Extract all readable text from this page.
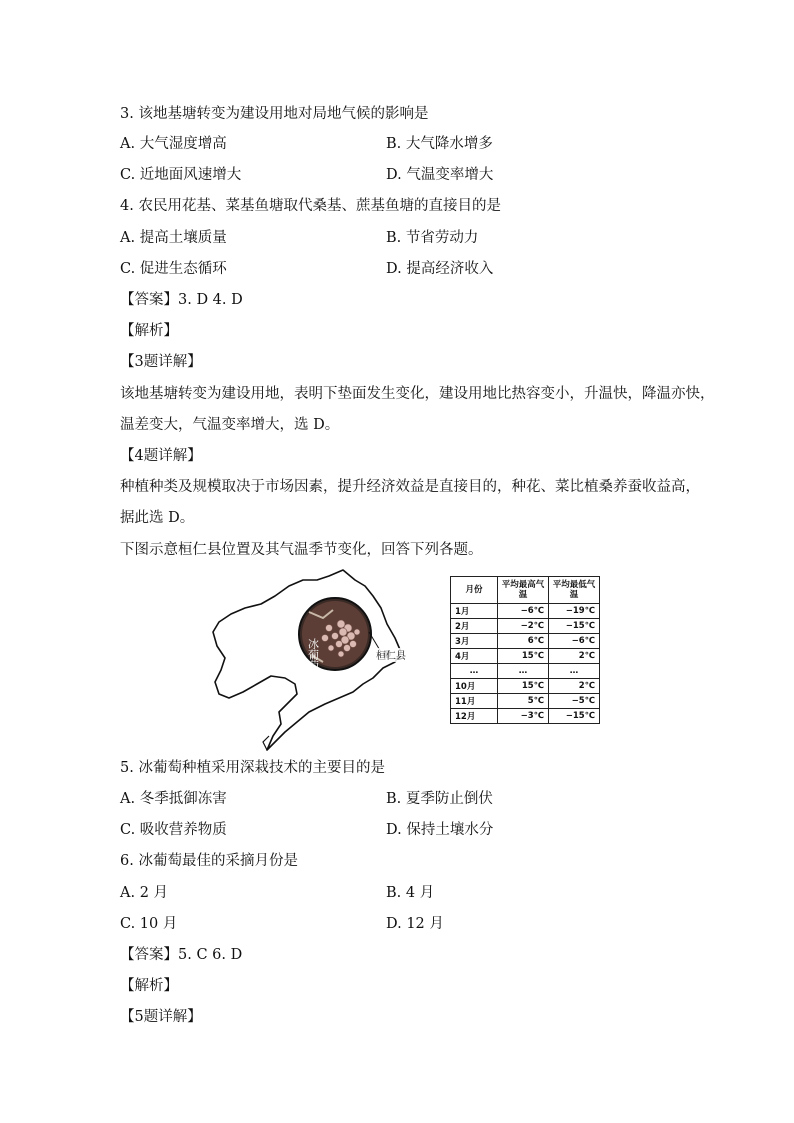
3. 该地基塘转变为建设用地对局地气候的影响是
A. 大气湿度增高	B. 大气降水增多
C. 近地面风速增大	D. 气温变率增大
4. 农民用花基、菜基鱼塘取代桑基、蔗基鱼塘的直接目的是
A. 提高土壤质量	B. 节省劳动力
C. 促进生态循环	D. 提高经济收入
【答案】3. D 4. D
【解析】
【3题详解】
该地基塘转变为建设用地，表明下垫面发生变化，建设用地比热容变小，升温快，降温亦快，
温差变大，气温变率增大，选 D。
【4题详解】
种植种类及规模取决于市场因素，提升经济效益是直接目的，种花、菜比植桑养蚕收益高，
据此选 D。
下图示意桓仁县位置及其气温季节变化，回答下列各题。
冰葡萄	桓仁县
月份	平均最高气温	平均最低气温
1月	−6℃	−19℃
2月	−2℃	−15℃
3月	6℃	−6℃
4月	15℃	2℃
…	…	…
10月	15℃	2℃
11月	5℃	−5℃
12月	−3℃	−15℃
5. 冰葡萄种植采用深栽技术的主要目的是
A. 冬季抵御冻害	B. 夏季防止倒伏
C. 吸收营养物质	D. 保持土壤水分
6. 冰葡萄最佳的采摘月份是
A. 2 月	B. 4 月
C. 10 月	D. 12 月
【答案】5. C 6. D
【解析】
【5题详解】
